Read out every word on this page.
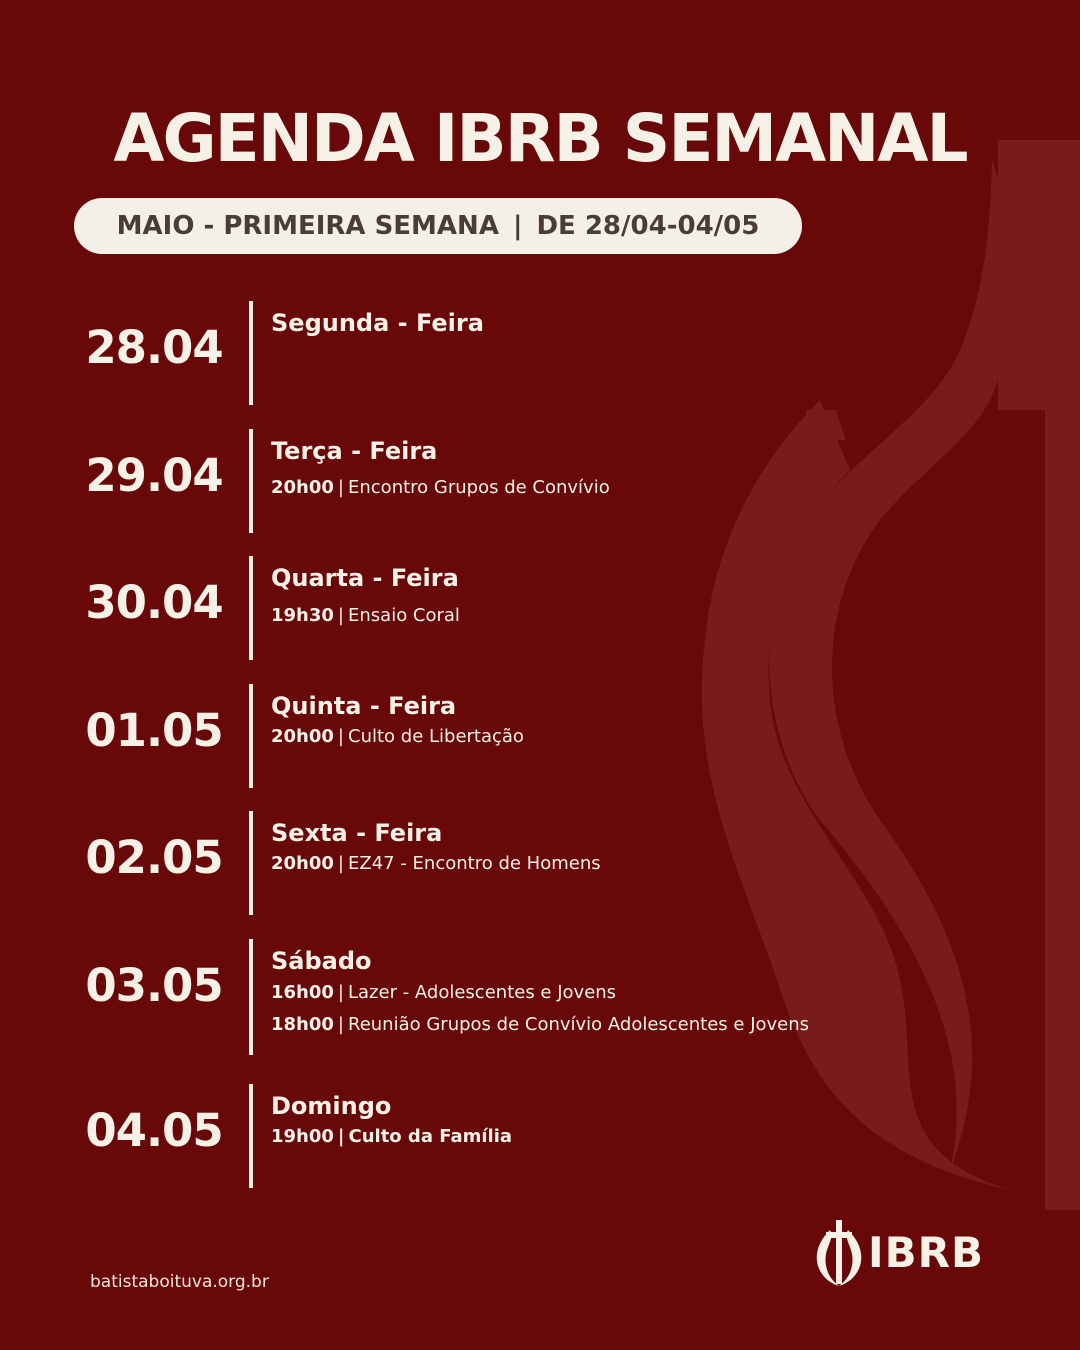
AGENDA IBRB SEMANAL
MAIO - PRIMEIRA SEMANA | DE 28/04-04/05
28.04 Segunda - Feira
29.04 Terça - Feira
20h00 | Encontro Grupos de Convívio
30.04 Quarta - Feira
19h30 | Ensaio Coral
01.05 Quinta - Feira
20h00 | Culto de Libertação
02.05 Sexta - Feira
20h00 | EZ47 - Encontro de Homens
03.05 Sábado
16h00 | Lazer - Adolescentes e Jovens
18h00 | Reunião Grupos de Convívio Adolescentes e Jovens
04.05 Domingo
19h00 | Culto da Família
batistaboituva.org.br
IBRB
